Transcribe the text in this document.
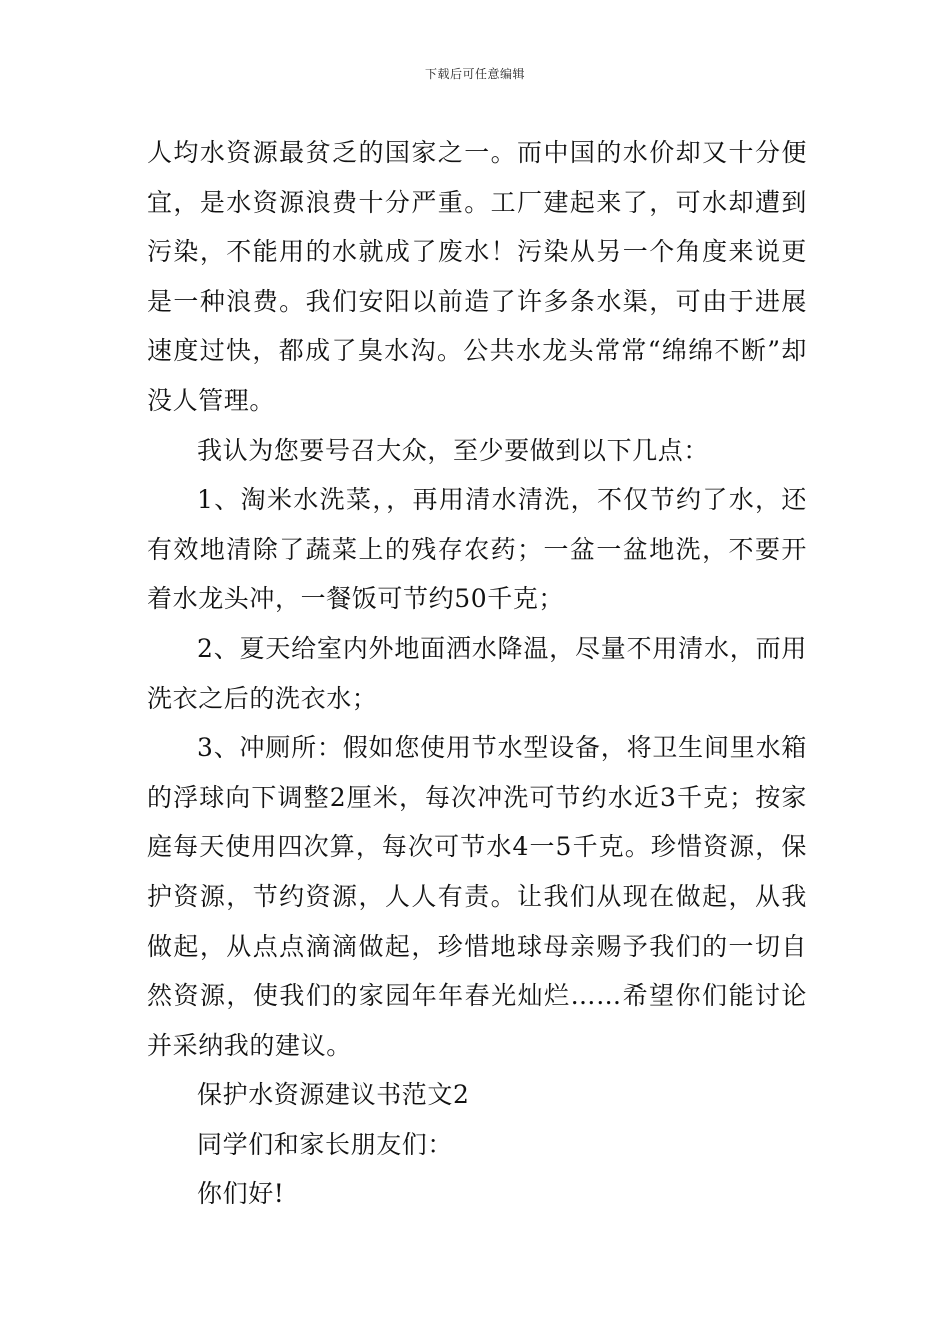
下载后可任意编辑

人均水资源最贫乏的国家之一。而中国的水价却又十分便宜，是水资源浪费十分严重。工厂建起来了，可水却遭到污染，不能用的水就成了废水！污染从另一个角度来说更是一种浪费。我们安阳以前造了许多条水渠，可由于进展速度过快，都成了臭水沟。公共水龙头常常“绵绵不断”却没人管理。

我认为您要号召大众，至少要做到以下几点：

1、淘米水洗菜，，再用清水清洗，不仅节约了水，还有效地清除了蔬菜上的残存农药；一盆一盆地洗，不要开着水龙头冲，一餐饭可节约50千克；

2、夏天给室内外地面洒水降温，尽量不用清水，而用洗衣之后的洗衣水；

3、冲厕所：假如您使用节水型设备，将卫生间里水箱的浮球向下调整2厘米，每次冲洗可节约水近3千克；按家庭每天使用四次算，每次可节水4一5千克。珍惜资源，保护资源，节约资源，人人有责。让我们从现在做起，从我做起，从点点滴滴做起，珍惜地球母亲赐予我们的一切自然资源，使我们的家园年年春光灿烂……希望你们能讨论并采纳我的建议。

保护水资源建议书范文2

同学们和家长朋友们：

你们好!
